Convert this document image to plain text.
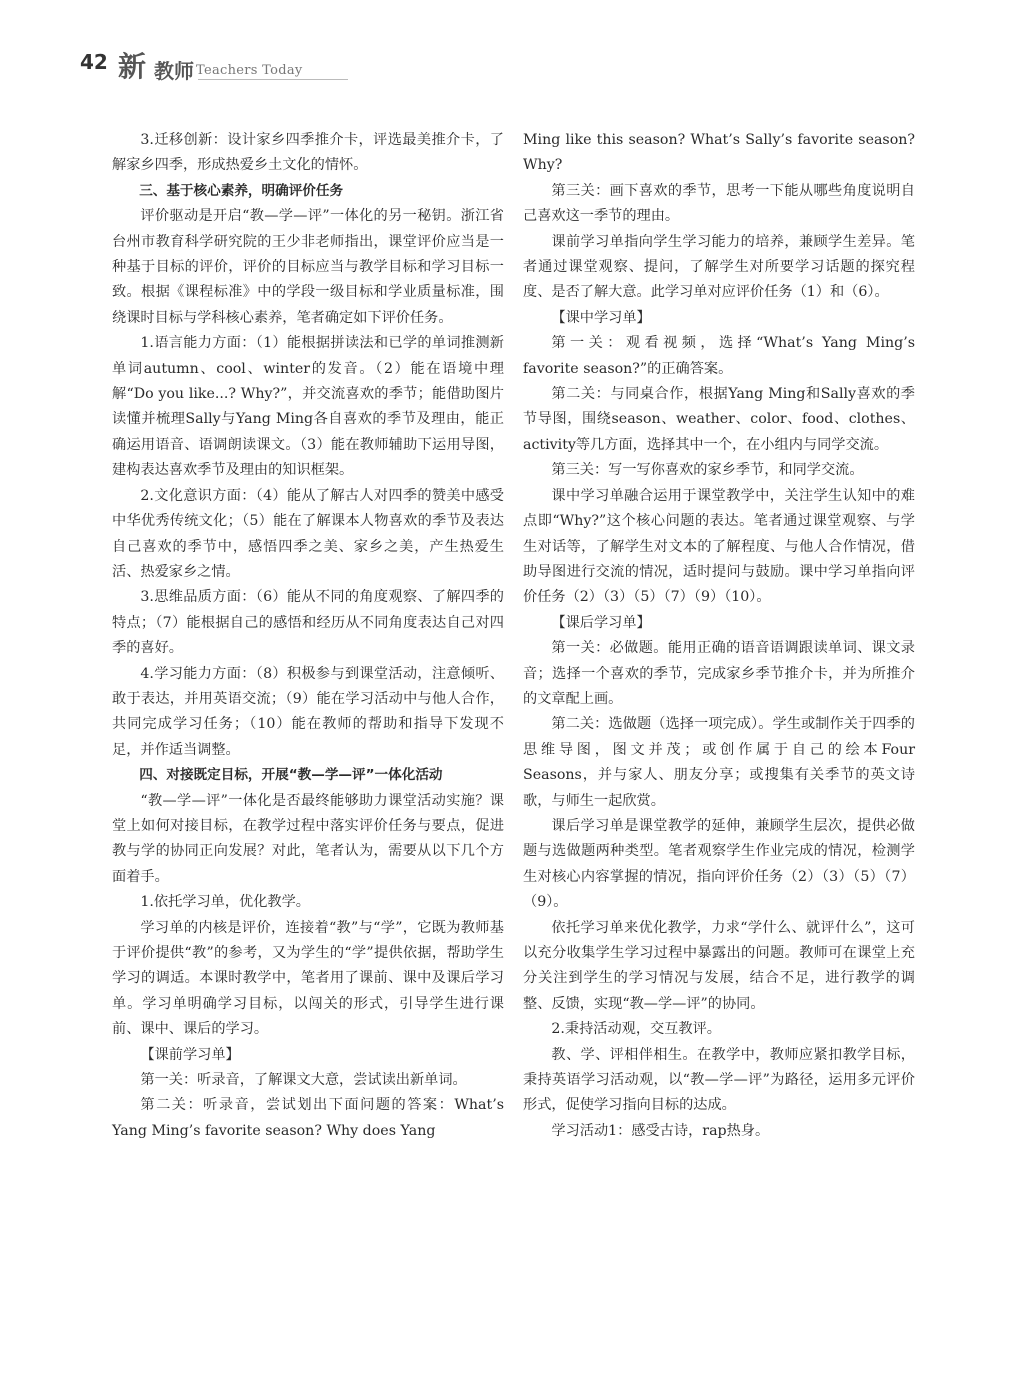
42 新 教师 Teachers Today

3.迁移创新：设计家乡四季推介卡，评选最美推介卡，了解家乡四季，形成热爱乡土文化的情怀。

三、基于核心素养，明确评价任务

评价驱动是开启“教—学—评”一体化的另一秘钥。浙江省台州市教育科学研究院的王少非老师指出，课堂评价应当是一种基于目标的评价，评价的目标应当与教学目标和学习目标一致。根据《课程标准》中的学段一级目标和学业质量标准，围绕课时目标与学科核心素养，笔者确定如下评价任务。

1.语言能力方面：（1）能根据拼读法和已学的单词推测新单词autumn、cool、winter的发音。（2）能在语境中理解“Do you like...? Why?”，并交流喜欢的季节；能借助图片读懂并梳理Sally与Yang Ming各自喜欢的季节及理由，能正确运用语音、语调朗读课文。（3）能在教师辅助下运用导图，建构表达喜欢季节及理由的知识框架。

2.文化意识方面：（4）能从了解古人对四季的赞美中感受中华优秀传统文化；（5）能在了解课本人物喜欢的季节及表达自己喜欢的季节中，感悟四季之美、家乡之美，产生热爱生活、热爱家乡之情。

3.思维品质方面：（6）能从不同的角度观察、了解四季的特点；（7）能根据自己的感悟和经历从不同角度表达自己对四季的喜好。

4.学习能力方面：（8）积极参与到课堂活动，注意倾听、敢于表达，并用英语交流；（9）能在学习活动中与他人合作，共同完成学习任务；（10）能在教师的帮助和指导下发现不足，并作适当调整。

四、对接既定目标，开展“教—学—评”一体化活动

“教—学—评”一体化是否最终能够助力课堂活动实施？课堂上如何对接目标，在教学过程中落实评价任务与要点，促进教与学的协同正向发展？对此，笔者认为，需要从以下几个方面着手。

1.依托学习单，优化教学。

学习单的内核是评价，连接着“教”与“学”，它既为教师基于评价提供“教”的参考，又为学生的“学”提供依据，帮助学生学习的调适。本课时教学中，笔者用了课前、课中及课后学习单。学习单明确学习目标，以闯关的形式，引导学生进行课前、课中、课后的学习。

【课前学习单】

第一关：听录音，了解课文大意，尝试读出新单词。

第二关：听录音，尝试划出下面问题的答案：What’s Yang Ming’s favorite season? Why does Yang

Ming like this season? What’s Sally’s favorite season? Why?

第三关：画下喜欢的季节，思考一下能从哪些角度说明自己喜欢这一季节的理由。

课前学习单指向学生学习能力的培养，兼顾学生差异。笔者通过课堂观察、提问，了解学生对所要学习话题的探究程度、是否了解大意。此学习单对应评价任务（1）和（6）。

【课中学习单】

第一关：观看视频，选择“What’s Yang Ming’s favorite season?”的正确答案。

第二关：与同桌合作，根据Yang Ming和Sally喜欢的季节导图，围绕season、weather、color、food、clothes、activity等几方面，选择其中一个，在小组内与同学交流。

第三关：写一写你喜欢的家乡季节，和同学交流。

课中学习单融合运用于课堂教学中，关注学生认知中的难点即“Why?”这个核心问题的表达。笔者通过课堂观察、与学生对话等，了解学生对文本的了解程度、与他人合作情况，借助导图进行交流的情况，适时提问与鼓励。课中学习单指向评价任务（2）（3）（5）（7）（9）（10）。

【课后学习单】

第一关：必做题。能用正确的语音语调跟读单词、课文录音；选择一个喜欢的季节，完成家乡季节推介卡，并为所推介的文章配上画。

第二关：选做题（选择一项完成）。学生或制作关于四季的思维导图，图文并茂；或创作属于自己的绘本Four Seasons，并与家人、朋友分享；或搜集有关季节的英文诗歌，与师生一起欣赏。

课后学习单是课堂教学的延伸，兼顾学生层次，提供必做题与选做题两种类型。笔者观察学生作业完成的情况，检测学生对核心内容掌握的情况，指向评价任务（2）（3）（5）（7）（9）。

依托学习单来优化教学，力求“学什么、就评什么”，这可以充分收集学生学习过程中暴露出的问题。教师可在课堂上充分关注到学生的学习情况与发展，结合不足，进行教学的调整、反馈，实现“教—学—评”的协同。

2.秉持活动观，交互教评。

教、学、评相伴相生。在教学中，教师应紧扣教学目标，秉持英语学习活动观，以“教—学—评”为路径，运用多元评价形式，促使学习指向目标的达成。

学习活动1：感受古诗，rap热身。
